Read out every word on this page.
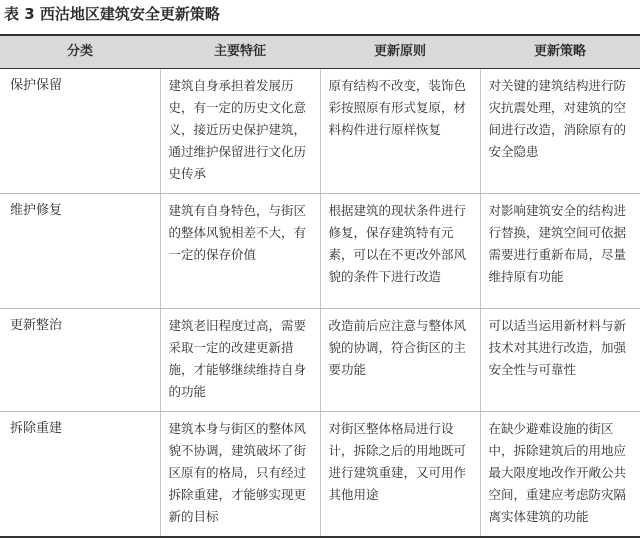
表 3 西沽地区建筑安全更新策略
分类	主要特征	更新原则	更新策略
保护保留	建筑自身承担着发展历史，有一定的历史文化意义，接近历史保护建筑，通过维护保留进行文化历史传承	原有结构不改变，装饰色彩按照原有形式复原，材料构件进行原样恢复	对关键的建筑结构进行防灾抗震处理，对建筑的空间进行改造，消除原有的安全隐患
维护修复	建筑有自身特色，与街区的整体风貌相差不大，有一定的保存价值	根据建筑的现状条件进行修复，保存建筑特有元素，可以在不更改外部风貌的条件下进行改造	对影响建筑安全的结构进行替换，建筑空间可依据需要进行重新布局，尽量维持原有功能
更新整治	建筑老旧程度过高，需要采取一定的改建更新措施，才能够继续维持自身的功能	改造前后应注意与整体风貌的协调，符合街区的主要功能	可以适当运用新材料与新技术对其进行改造，加强安全性与可靠性
拆除重建	建筑本身与街区的整体风貌不协调，建筑破坏了街区原有的格局，只有经过拆除重建，才能够实现更新的目标	对街区整体格局进行设计，拆除之后的用地既可进行建筑重建，又可用作其他用途	在缺少避难设施的街区中，拆除建筑后的用地应最大限度地改作开敞公共空间，重建应考虑防灾隔离实体建筑的功能
